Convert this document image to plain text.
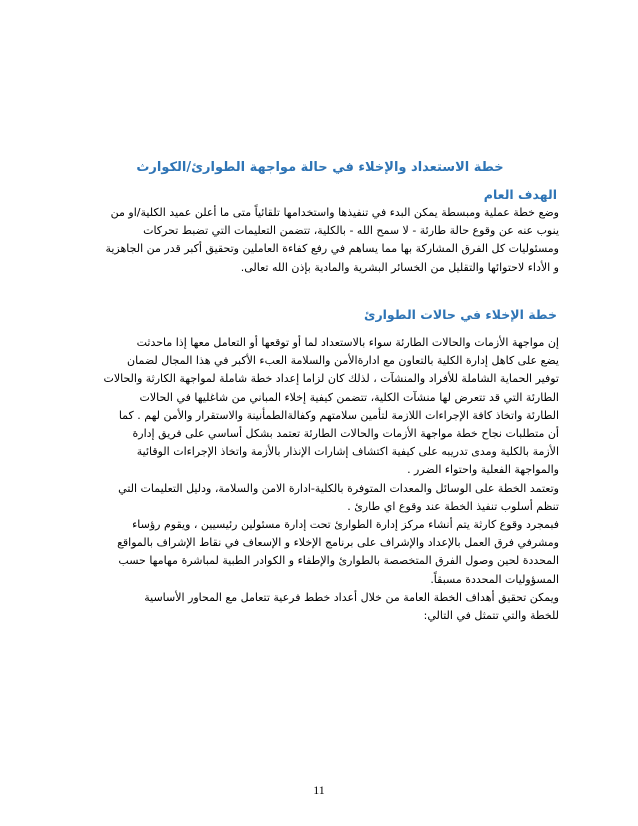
خطة الاستعداد والإخلاء في حالة مواجهة الطوارئ/الكوارث
الهدف العام
وضع خطة عملية ومبسطة يمكن البدء في تنفيذها واستخدامها تلقائياً متى ما أعلن عميد الكلية/او من
ينوب عنه عن وقوع حالة طارئة - لا سمح الله - بالكلية، تتضمن التعليمات التي تضبط تحركات
ومسئوليات كل الفرق المشاركة بها مما يساهم في رفع كفاءة العاملين وتحقيق أكبر قدر من الجاهزية
و الأداء لاحتوائها والتقليل من الخسائر البشرية والمادية بإذن الله تعالى.
خطة الإخلاء في حالات الطوارئ
إن مواجهة الأزمات والحالات الطارئة سواء بالاستعداد لما أو توقعها أو التعامل معها إذا ماحدثت
يضع على كاهل إدارة الكلية بالتعاون مع ادارةالأمن والسلامة العبء الأكبر في هذا المجال لضمان
توفير الحماية الشاملة للأفراد والمنشآت ، لذلك كان لزاما إعداد خطة شاملة لمواجهة الكارثة والحالات
الطارئة التي قد تتعرض لها منشآت الكلية، تتضمن كيفية إخلاء المباني من شاغليها في الحالات
الطارئة واتخاذ كافة الإجراءات اللازمة لتأمين سلامتهم وكفالةالطمأنينة والاستقرار والأمن لهم . كما
أن متطلبات نجاح خطة مواجهة الأزمات والحالات الطارئة تعتمد بشكل أساسي على فريق إدارة
الأزمة بالكلية ومدى تدريبه على كيفية اكتشاف إشارات الإنذار بالأزمة واتخاذ الإجراءات الوقائية
والمواجهة الفعلية واحتواء الضرر .
وتعتمد الخطة على الوسائل والمعدات المتوفرة بالكلية-ادارة الامن والسلامة، ودليل التعليمات التي
تنظم أسلوب تنفيذ الخطة عند وقوع اي طارئ .
فبمجرد وقوع كارثة يتم أنشاء مركز إدارة الطوارئ تحت إدارة مسئولين رئيسيين ، ويقوم رؤساء
ومشرفي فرق العمل بالإعداد والإشراف على برنامج الإخلاء و الإسعاف في نقاط الإشراف بالمواقع
المحددة لحين وصول الفرق المتخصصة بالطوارئ والإطفاء و الكوادر الطبية لمباشرة مهامها حسب
المسؤوليات المحددة مسبقاً.
ويمكن تحقيق أهداف الخطة العامة من خلال أعداد خطط فرعية تتعامل مع المحاور الأساسية
للخطة والتي تتمثل في التالي:
11
